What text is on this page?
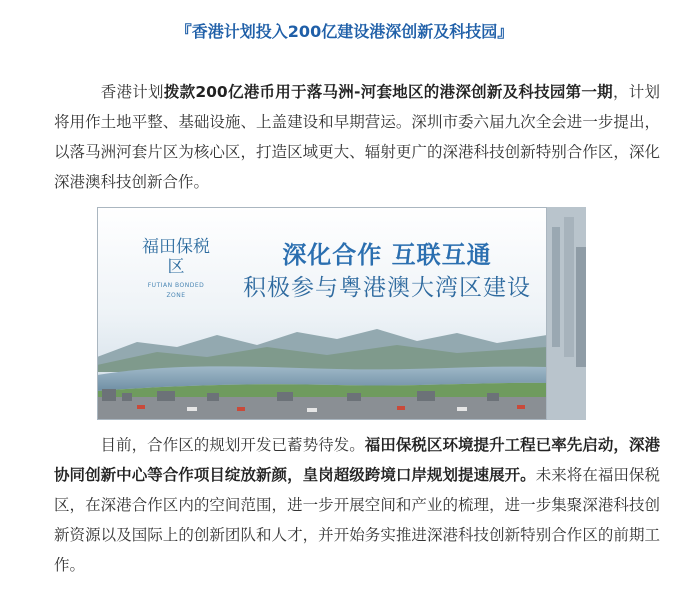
『香港计划投入200亿建设港深创新及科技园』
香港计划拨款200亿港币用于落马洲-河套地区的港深创新及科技园第一期，计划将用作土地平整、基础设施、上盖建设和早期营运。深圳市委六届九次全会进一步提出，以落马洲河套片区为核心区，打造区域更大、辐射更广的深港科技创新特别合作区，深化深港澳科技创新合作。
福田保税区
FUTIAN BONDED ZONE
深化合作 互联互通
积极参与粤港澳大湾区建设
目前，合作区的规划开发已蓄势待发。福田保税区环境提升工程已率先启动，深港协同创新中心等合作项目绽放新颜，皇岗超级跨境口岸规划提速展开。未来将在福田保税区，在深港合作区内的空间范围，进一步开展空间和产业的梳理，进一步集聚深港科技创新资源以及国际上的创新团队和人才，并开始务实推进深港科技创新特别合作区的前期工作。
